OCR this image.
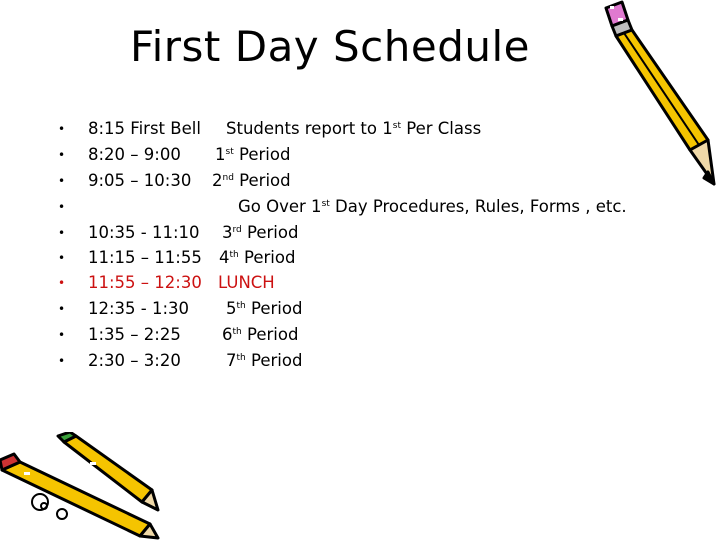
First Day Schedule
• 8:15 First Bell Students report to 1st Per Class
• 8:20 – 9:00 1st Period
• 9:05 – 10:30 2nd Period
•	Go Over 1st Day Procedures, Rules, Forms , etc.
• 10:35 - 11:10 3rd Period
• 11:15 – 11:55 4th Period
• 11:55 – 12:30 LUNCH
• 12:35 - 1:30 5th Period
• 1:35 – 2:25 6th Period
• 2:30 – 3:20	7th Period
